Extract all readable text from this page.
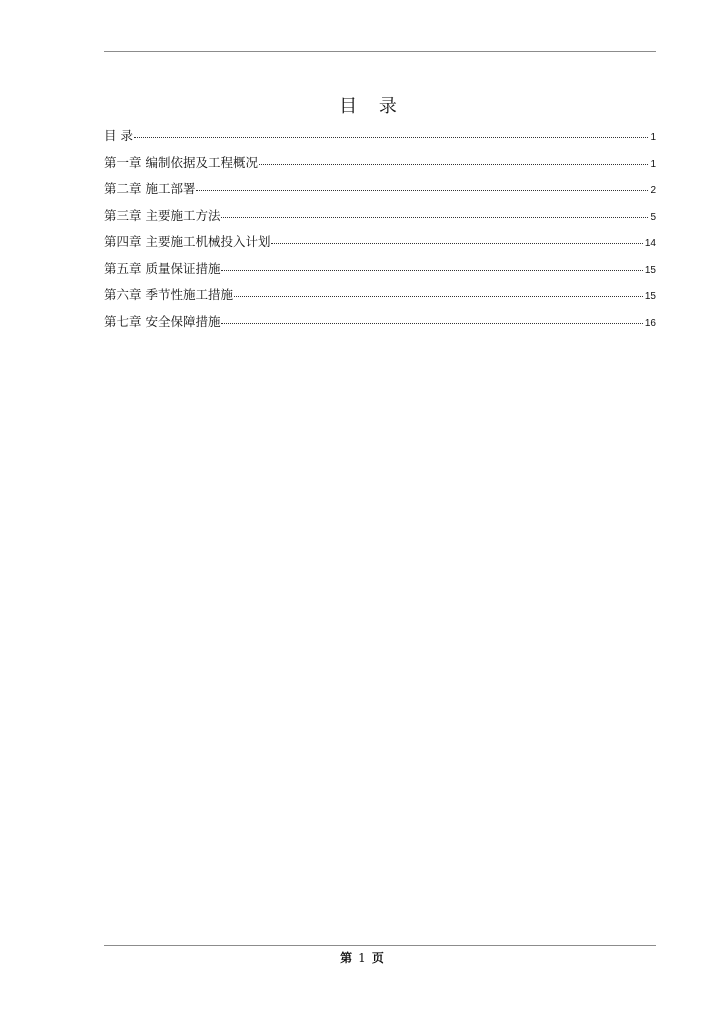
目 录
目 录	1
第一章 编制依据及工程概况	1
第二章 施工部署	2
第三章 主要施工方法	5
第四章 主要施工机械投入计划	14
第五章 质量保证措施	15
第六章 季节性施工措施	15
第七章 安全保障措施	16
第 1 页
